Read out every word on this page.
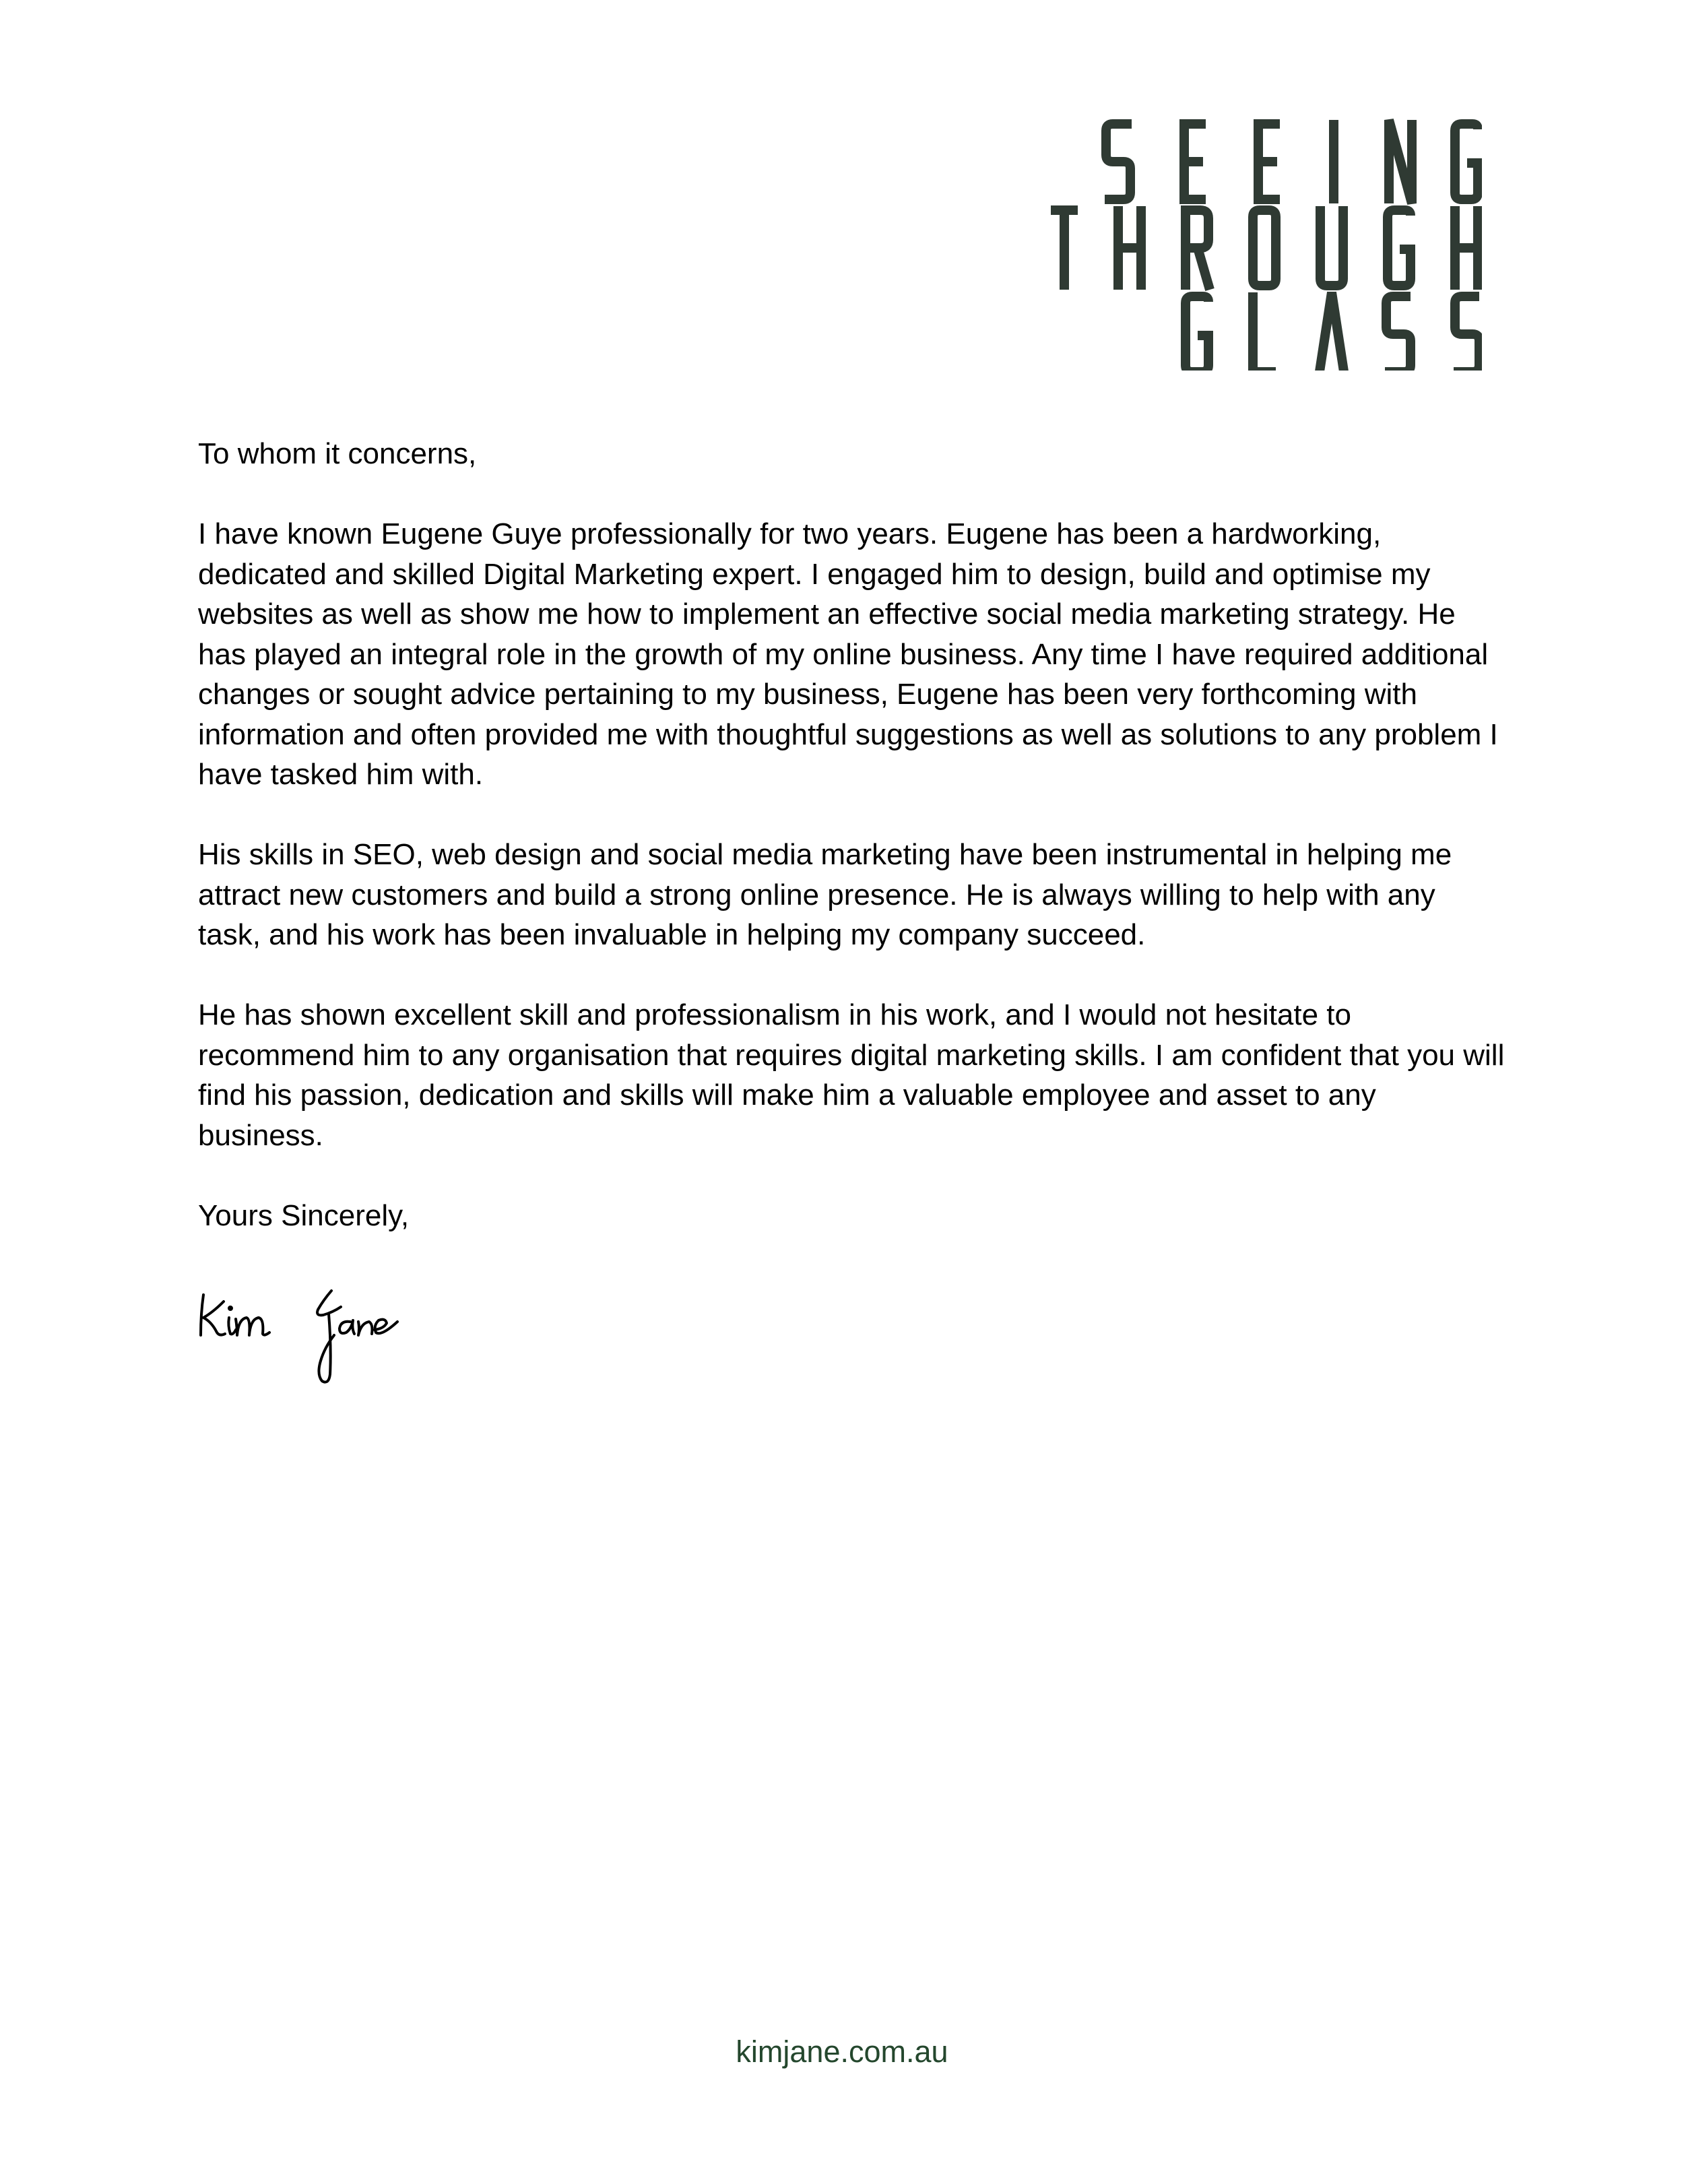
To whom it concerns,

I have known Eugene Guye professionally for two years. Eugene has been a hardworking, dedicated and skilled Digital Marketing expert. I engaged him to design, build and optimise my websites as well as show me how to implement an effective social media marketing strategy. He has played an integral role in the growth of my online business. Any time I have required additional changes or sought advice pertaining to my business, Eugene has been very forthcoming with information and often provided me with thoughtful suggestions as well as solutions to any problem I have tasked him with.

His skills in SEO, web design and social media marketing have been instrumental in helping me attract new customers and build a strong online presence. He is always willing to help with any task, and his work has been invaluable in helping my company succeed.

He has shown excellent skill and professionalism in his work, and I would not hesitate to recommend him to any organisation that requires digital marketing skills. I am confident that you will find his passion, dedication and skills will make him a valuable employee and asset to any business.

Yours Sincerely,

kimjane.com.au
